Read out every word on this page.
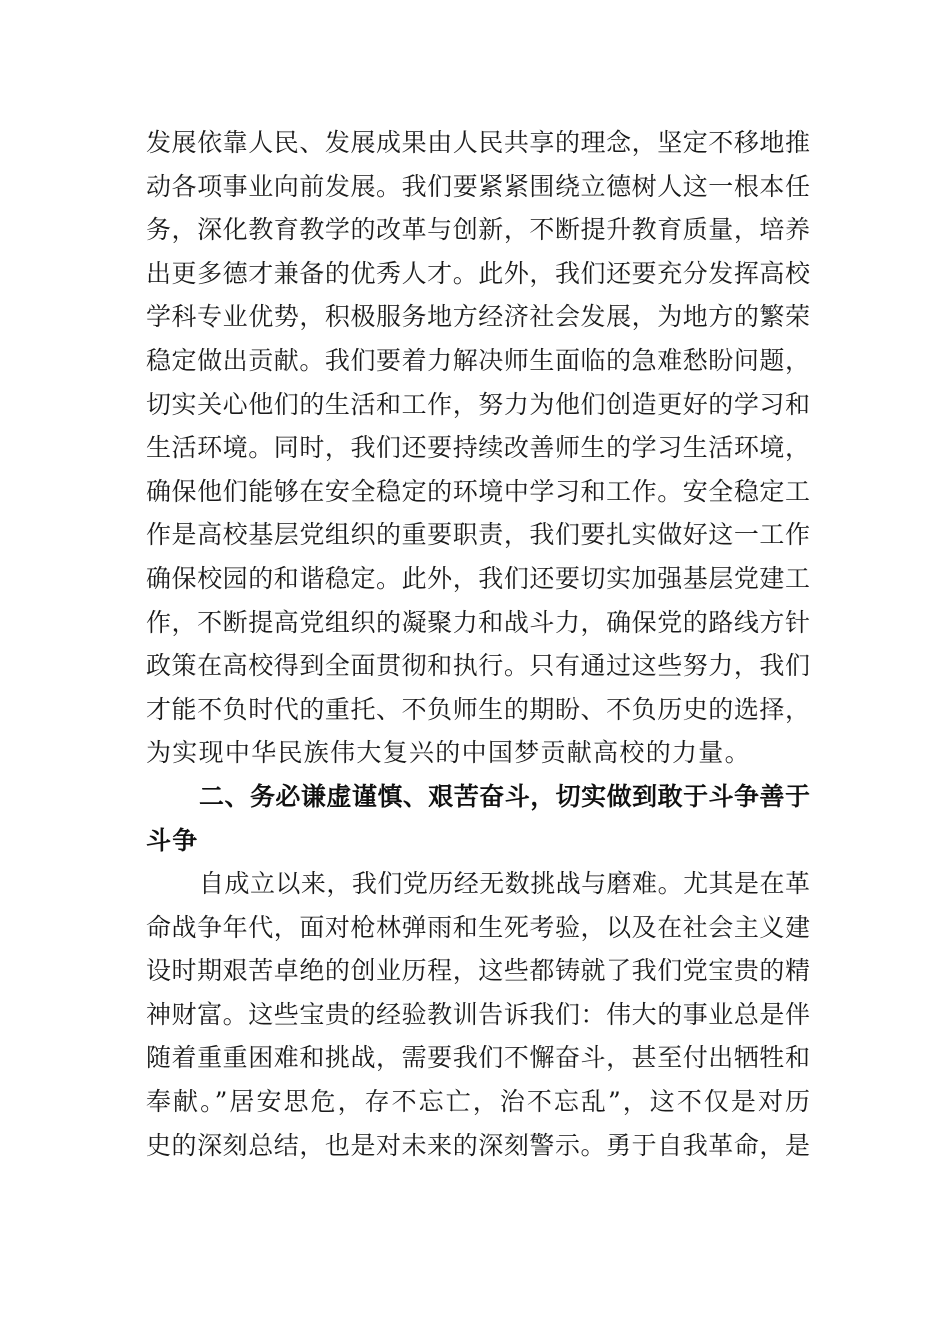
发展依靠人民、发展成果由人民共享的理念，坚定不移地推
动各项事业向前发展。我们要紧紧围绕立德树人这一根本任
务，深化教育教学的改革与创新，不断提升教育质量，培养
出更多德才兼备的优秀人才。此外，我们还要充分发挥高校
学科专业优势，积极服务地方经济社会发展，为地方的繁荣
稳定做出贡献。我们要着力解决师生面临的急难愁盼问题，
切实关心他们的生活和工作，努力为他们创造更好的学习和
生活环境。同时，我们还要持续改善师生的学习生活环境，
确保他们能够在安全稳定的环境中学习和工作。安全稳定工
作是高校基层党组织的重要职责，我们要扎实做好这一工作
确保校园的和谐稳定。此外，我们还要切实加强基层党建工
作，不断提高党组织的凝聚力和战斗力，确保党的路线方针
政策在高校得到全面贯彻和执行。只有通过这些努力，我们
才能不负时代的重托、不负师生的期盼、不负历史的选择，
为实现中华民族伟大复兴的中国梦贡献高校的力量。
二、务必谦虚谨慎、艰苦奋斗，切实做到敢于斗争善于
斗争
自成立以来，我们党历经无数挑战与磨难。尤其是在革
命战争年代，面对枪林弹雨和生死考验，以及在社会主义建
设时期艰苦卓绝的创业历程，这些都铸就了我们党宝贵的精
神财富。这些宝贵的经验教训告诉我们：伟大的事业总是伴
随着重重困难和挑战，需要我们不懈奋斗，甚至付出牺牲和
奉献。”居安思危，存不忘亡，治不忘乱”，这不仅是对历
史的深刻总结，也是对未来的深刻警示。勇于自我革命，是
